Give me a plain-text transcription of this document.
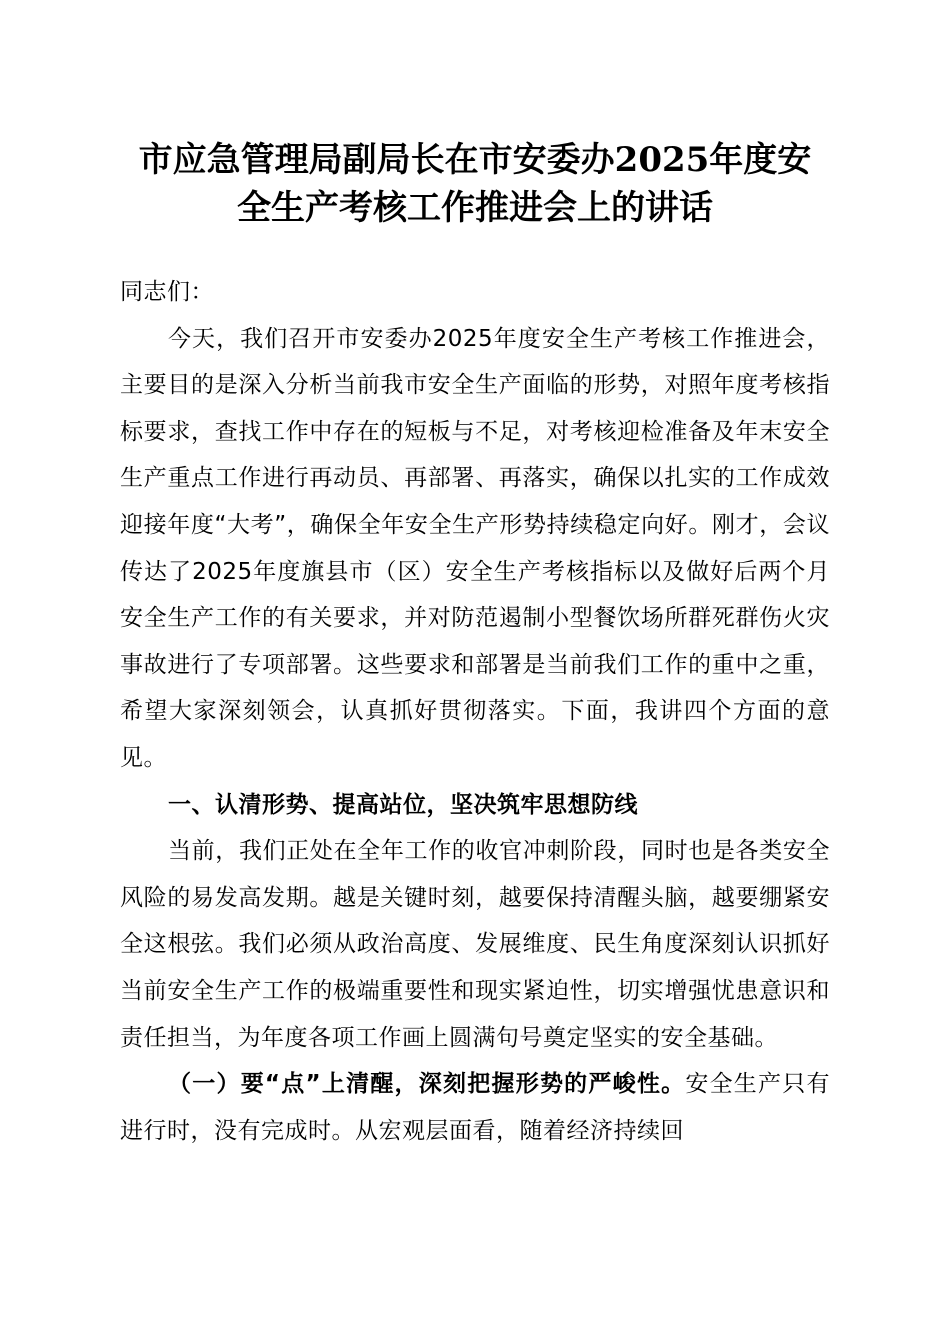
市应急管理局副局长在市安委办2025年度安
全生产考核工作推进会上的讲话

同志们：

今天，我们召开市安委办2025年度安全生产考核工作推进会，主要目的是深入分析当前我市安全生产面临的形势，对照年度考核指标要求，查找工作中存在的短板与不足，对考核迎检准备及年末安全生产重点工作进行再动员、再部署、再落实，确保以扎实的工作成效迎接年度“大考”，确保全年安全生产形势持续稳定向好。刚才，会议传达了2025年度旗县市（区）安全生产考核指标以及做好后两个月安全生产工作的有关要求，并对防范遏制小型餐饮场所群死群伤火灾事故进行了专项部署。这些要求和部署是当前我们工作的重中之重，希望大家深刻领会，认真抓好贯彻落实。下面，我讲四个方面的意见。

一、认清形势、提高站位，坚决筑牢思想防线

当前，我们正处在全年工作的收官冲刺阶段，同时也是各类安全风险的易发高发期。越是关键时刻，越要保持清醒头脑，越要绷紧安全这根弦。我们必须从政治高度、发展维度、民生角度深刻认识抓好当前安全生产工作的极端重要性和现实紧迫性，切实增强忧患意识和责任担当，为年度各项工作画上圆满句号奠定坚实的安全基础。

（一）要“点”上清醒，深刻把握形势的严峻性。安全生产只有进行时，没有完成时。从宏观层面看，随着经济持续回
